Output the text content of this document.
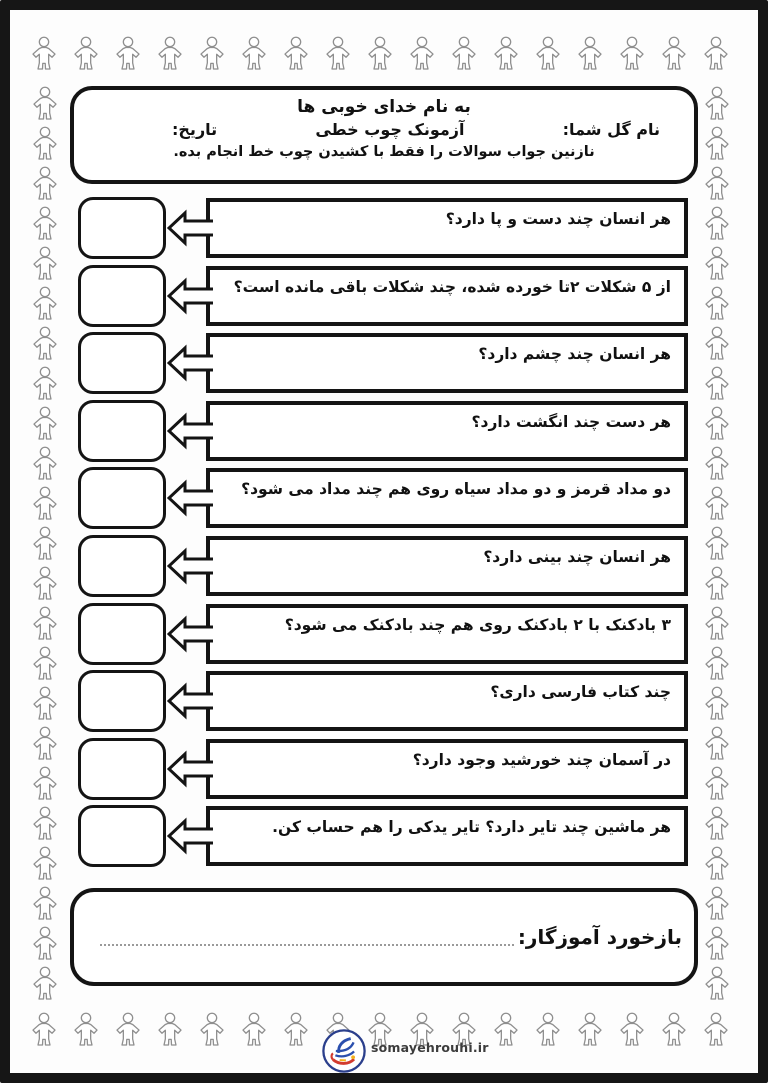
به نام خدای خوبی ها
نام گل شما:
آزمونک چوب خطی
تاریخ:
نازنین جواب سوالات را فقط با کشیدن چوب خط انجام بده.
هر انسان چند دست و پا دارد؟
از ۵ شکلات ۲تا خورده شده، چند شکلات باقی مانده است؟
هر انسان چند چشم دارد؟
هر دست چند انگشت دارد؟
دو مداد قرمز و دو مداد سیاه روی هم چند مداد می شود؟
هر انسان چند بینی دارد؟
۳ بادکنک با ۲ بادکنک روی هم چند بادکنک می شود؟
چند کتاب فارسی داری؟
در آسمان چند خورشید وجود دارد؟
هر ماشین چند تایر دارد؟ تایر یدکی را هم حساب کن.
بازخورد آموزگار:
somayehrouhi.ir
